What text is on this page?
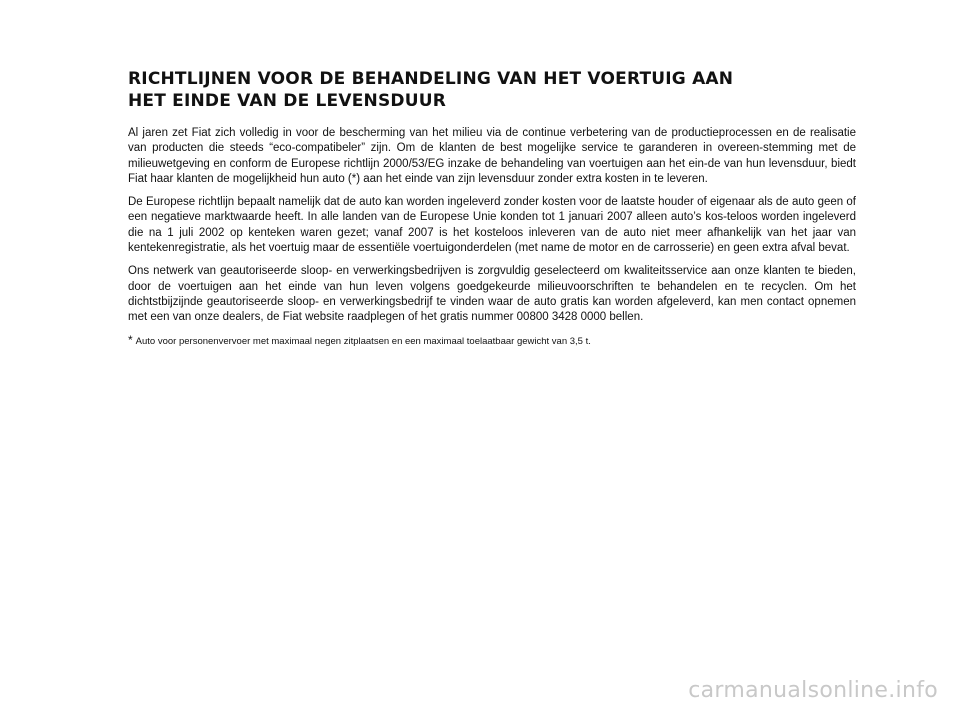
RICHTLIJNEN VOOR DE BEHANDELING VAN HET VOERTUIG AAN
HET EINDE VAN DE LEVENSDUUR

Al jaren zet Fiat zich volledig in voor de bescherming van het milieu via de continue verbetering van de productieprocessen en de realisatie van producten die steeds “eco-compatibeler” zijn. Om de klanten de best mogelijke service te garanderen in overeen-stemming met de milieuwetgeving en conform de Europese richtlijn 2000/53/EG inzake de behandeling van voertuigen aan het ein-de van hun levensduur, biedt Fiat haar klanten de mogelijkheid hun auto (*) aan het einde van zijn levensduur zonder extra kosten in te leveren.

De Europese richtlijn bepaalt namelijk dat de auto kan worden ingeleverd zonder kosten voor de laatste houder of eigenaar als de auto geen of een negatieve marktwaarde heeft. In alle landen van de Europese Unie konden tot 1 januari 2007 alleen auto’s kos-teloos worden ingeleverd die na 1 juli 2002 op kenteken waren gezet; vanaf 2007 is het kosteloos inleveren van de auto niet meer afhankelijk van het jaar van kentekenregistratie, als het voertuig maar de essentiële voertuigonderdelen (met name de motor en de carrosserie) en geen extra afval bevat.

Ons netwerk van geautoriseerde sloop- en verwerkingsbedrijven is zorgvuldig geselecteerd om kwaliteitsservice aan onze klanten te bieden, door de voertuigen aan het einde van hun leven volgens goedgekeurde milieuvoorschriften te behandelen en te recyclen. Om het dichtstbijzijnde geautoriseerde sloop- en verwerkingsbedrijf te vinden waar de auto gratis kan worden afgeleverd, kan men contact opnemen met een van onze dealers, de Fiat website raadplegen of het gratis nummer 00800 3428 0000 bellen.

* Auto voor personenvervoer met maximaal negen zitplaatsen en een maximaal toelaatbaar gewicht van 3,5 t.

carmanualsonline.info
